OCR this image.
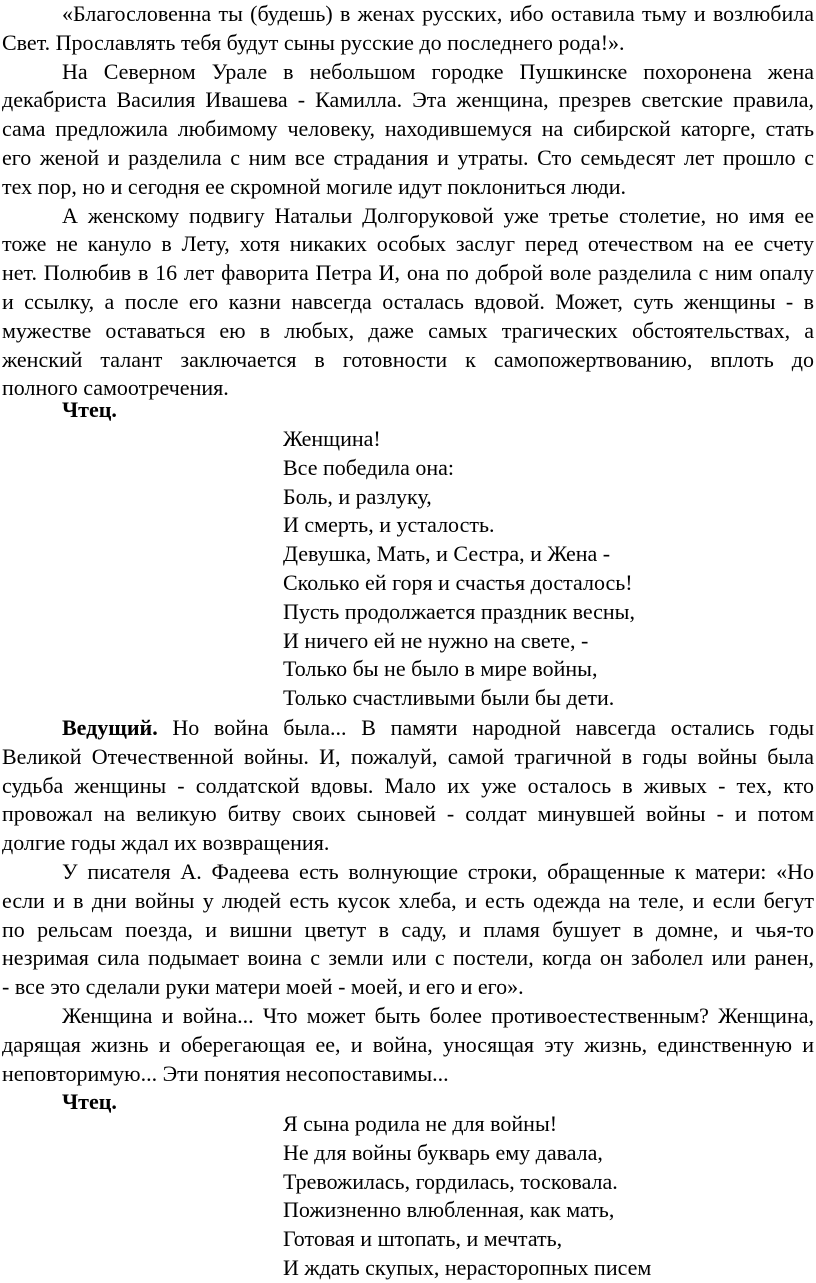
«Благословенна ты (будешь) в женах русских, ибо оставила тьму и возлюбила
Свет. Прославлять тебя будут сыны русские до последнего рода!».
На Северном Урале в небольшом городке Пушкинске похоронена жена
декабриста Василия Ивашева - Камилла. Эта женщина, презрев светские правила,
сама предложила любимому человеку, находившемуся на сибирской каторге, стать
его женой и разделила с ним все страдания и утраты. Сто семьдесят лет прошло с
тех пор, но и сегодня ее скромной могиле идут поклониться люди.
А женскому подвигу Натальи Долгоруковой уже третье столетие, но имя ее
тоже не кануло в Лету, хотя никаких особых заслуг перед отечеством на ее счету
нет. Полюбив в 16 лет фаворита Петра И, она по доброй воле разделила с ним опалу
и ссылку, а после его казни навсегда осталась вдовой. Может, суть женщины - в
мужестве оставаться ею в любых, даже самых трагических обстоятельствах, а
женский талант заключается в готовности к самопожертвованию, вплоть до
полного самоотречения.
Чтец.
Женщина!
Все победила она:
Боль, и разлуку,
И смерть, и усталость.
Девушка, Мать, и Сестра, и Жена -
Сколько ей горя и счастья досталось!
Пусть продолжается праздник весны,
И ничего ей не нужно на свете, -
Только бы не было в мире войны,
Только счастливыми были бы дети.
Ведущий. Но война была... В памяти народной навсегда остались годы
Великой Отечественной войны. И, пожалуй, самой трагичной в годы войны была
судьба женщины - солдатской вдовы. Мало их уже осталось в живых - тех, кто
провожал на великую битву своих сыновей - солдат минувшей войны - и потом
долгие годы ждал их возвращения.
У писателя А. Фадеева есть волнующие строки, обращенные к матери: «Но
если и в дни войны у людей есть кусок хлеба, и есть одежда на теле, и если бегут
по рельсам поезда, и вишни цветут в саду, и пламя бушует в домне, и чья-то
незримая сила подымает воина с земли или с постели, когда он заболел или ранен,
- все это сделали руки матери моей - моей, и его и его».
Женщина и война... Что может быть более противоестественным? Женщина,
дарящая жизнь и оберегающая ее, и война, уносящая эту жизнь, единственную и
неповторимую... Эти понятия несопоставимы...
Чтец.
Я сына родила не для войны!
Не для войны букварь ему давала,
Тревожилась, гордилась, тосковала.
Пожизненно влюбленная, как мать,
Готовая и штопать, и мечтать,
И ждать скупых, нерасторопных писем
